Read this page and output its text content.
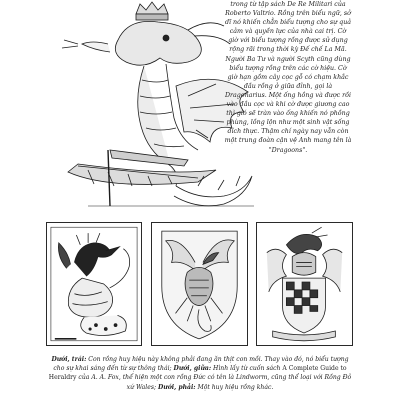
trong từ tập sách De Re Militari của Roberto Valtrio. Rồng trên biểu ngữ, sở dĩ nó khiến chẳn biểu tượng cho sự quả cảm và quyền lực của nhà cai trị. Cờ giờ với biểu tượng rồng được sử dụng rộng rãi trong thời kỳ Đế chế La Mã. Người Ba Tư và người Scyth cũng dùng biểu tượng rồng trên các cờ hiệu. Cờ giờ hạn gồm cây cọc gỗ có chạm khắc đầu rồng ở giữa đỉnh, gọi là Dragonarius. Một ống hồng và được rồi vào đầu cọc và khi cờ được giương cao thì gió sẽ tràn vào ống khiến nó phồng phùng, lồng lộn như một sinh vật sống đích thực. Thậm chí ngày nay vẫn còn một trung đoàn cận vệ Anh mang tên là "Dragoons".

Dưới, trái: Con rồng huy hiệu này không phải đang ăn thịt con mồi. Thay vào đó, nó biểu tượng cho sự khai sáng đến từ sự thông thái; Dưới, giữa: Hình lấy từ cuốn sách A Complete Guide to Heraldry của A. A. Fox, thể hiện một con rồng Đức có tên là Lindworm, cũng thể loại với Rồng Đỏ xứ Wales; Dưới, phải: Một huy hiệu rồng khác.
